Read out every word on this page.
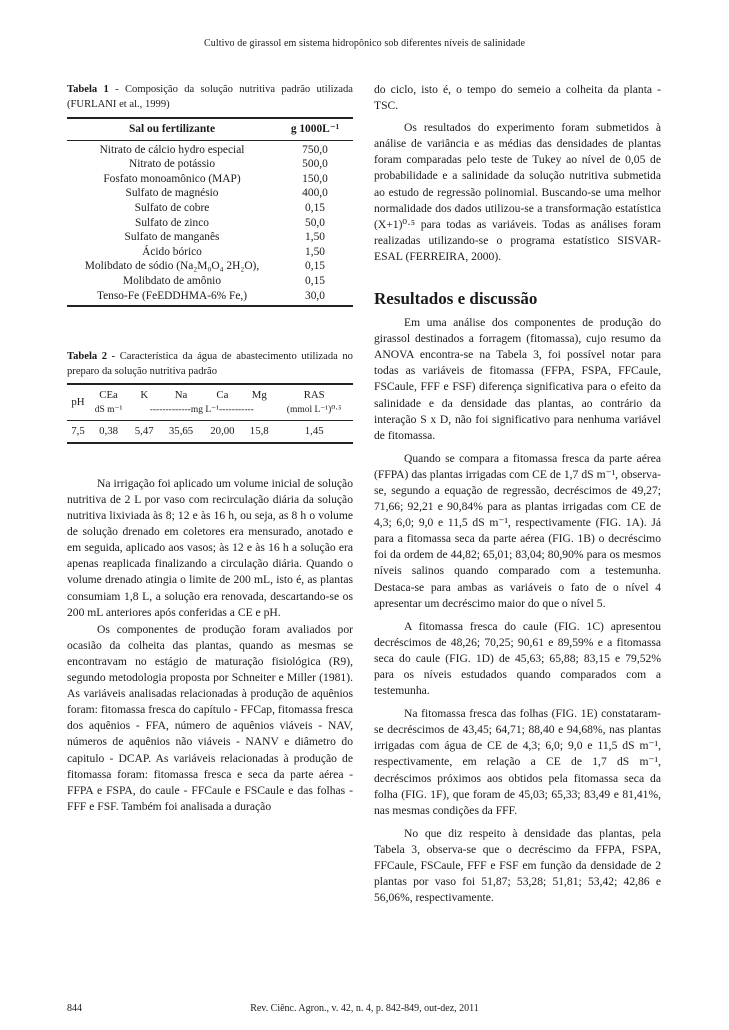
Cultivo de girassol em sistema hidropônico sob diferentes níveis de salinidade
Tabela 1 - Composição da solução nutritiva padrão utilizada (FURLANI et al., 1999)
Sal ou fertilizante	g 1000L⁻¹
Nitrato de cálcio hydro especial	750,0
Nitrato de potássio	500,0
Fosfato monoamônico (MAP)	150,0
Sulfato de magnésio	400,0
Sulfato de cobre	0,15
Sulfato de zinco	50,0
Sulfato de manganês	1,50
Ácido bórico	1,50
Molibdato de sódio (Na₂M₀O₄ 2H₂O),	0,15
Molibdato de amônio	0,15
Tenso-Fe (FeEDDHMA-6% Fe,)	30,0
Tabela 2 - Característica da água de abastecimento utilizada no preparo da solução nutritiva padrão
pH	CEa	K	Na	Ca	Mg	RAS
	dS m⁻¹	-------------mg L⁻¹-----------				(mmol L⁻¹)⁰·⁵
7,5	0,38	5,47	35,65	20,00	15,8	1,45

Na irrigação foi aplicado um volume inicial de solução nutritiva de 2 L por vaso com recirculação diária da solução nutritiva lixiviada às 8; 12 e às 16 h, ou seja, as 8 h o volume de solução drenado em coletores era mensurado, anotado e em seguida, aplicado aos vasos; às 12 e às 16 h a solução era apenas reaplicada finalizando a circulação diária. Quando o volume drenado atingia o limite de 200 mL, isto é, as plantas consumiam 1,8 L, a solução era renovada, descartando-se os 200 mL anteriores após conferidas a CE e pH.

Os componentes de produção foram avaliados por ocasião da colheita das plantas, quando as mesmas se encontravam no estágio de maturação fisiológica (R9), segundo metodologia proposta por Schneiter e Miller (1981). As variáveis analisadas relacionadas à produção de aquênios foram: fitomassa fresca do capítulo - FFCap, fitomassa fresca dos aquênios - FFA, número de aquênios viáveis - NAV, números de aquênios não viáveis - NANV e diâmetro do capitulo - DCAP. As variáveis relacionadas à produção de fitomassa foram: fitomassa fresca e seca da parte aérea - FFPA e FSPA, do caule - FFCaule e FSCaule e das folhas - FFF e FSF. Também foi analisada a duração

do ciclo, isto é, o tempo do semeio a colheita da planta - TSC.

Os resultados do experimento foram submetidos à análise de variância e as médias das densidades de plantas foram comparadas pelo teste de Tukey ao nível de 0,05 de probabilidade e a salinidade da solução nutritiva submetida ao estudo de regressão polinomial. Buscando-se uma melhor normalidade dos dados utilizou-se a transformação estatística (X+1)⁰·⁵ para todas as variáveis. Todas as análises foram realizadas utilizando-se o programa estatístico SISVAR-ESAL (FERREIRA, 2000).

Resultados e discussão

Em uma análise dos componentes de produção do girassol destinados a forragem (fitomassa), cujo resumo da ANOVA encontra-se na Tabela 3, foi possível notar para todas as variáveis de fitomassa (FFPA, FSPA, FFCaule, FSCaule, FFF e FSF) diferença significativa para o efeito da salinidade e da densidade das plantas, ao contrário da interação S x D, não foi significativo para nenhuma variável de fitomassa.

Quando se compara a fitomassa fresca da parte aérea (FFPA) das plantas irrigadas com CE de 1,7 dS m⁻¹, observa-se, segundo a equação de regressão, decréscimos de 49,27; 71,66; 92,21 e 90,84% para as plantas irrigadas com CE de 4,3; 6,0; 9,0 e 11,5 dS m⁻¹, respectivamente (FIG. 1A). Já para a fitomassa seca da parte aérea (FIG. 1B) o decréscimo foi da ordem de 44,82; 65,01; 83,04; 80,90% para os mesmos níveis salinos quando comparado com a testemunha. Destaca-se para ambas as variáveis o fato de o nível 4 apresentar um decréscimo maior do que o nível 5.

A fitomassa fresca do caule (FIG. 1C) apresentou decréscimos de 48,26; 70,25; 90,61 e 89,59% e a fitomassa seca do caule (FIG. 1D) de 45,63; 65,88; 83,15 e 79,52% para os níveis estudados quando comparados com a testemunha.

Na fitomassa fresca das folhas (FIG. 1E) constataram-se decréscimos de 43,45; 64,71; 88,40 e 94,68%, nas plantas irrigadas com água de CE de 4,3; 6,0; 9,0 e 11,5 dS m⁻¹, respectivamente, em relação a CE de 1,7 dS m⁻¹, decréscimos próximos aos obtidos pela fitomassa seca da folha (FIG. 1F), que foram de 45,03; 65,33; 83,49 e 81,41%, nas mesmas condições da FFF.

No que diz respeito à densidade das plantas, pela Tabela 3, observa-se que o decréscimo da FFPA, FSPA, FFCaule, FSCaule, FFF e FSF em função da densidade de 2 plantas por vaso foi 51,87; 53,28; 51,81; 53,42; 42,86 e 56,06%, respectivamente.

844	Rev. Ciênc. Agron., v. 42, n. 4, p. 842-849, out-dez, 2011
